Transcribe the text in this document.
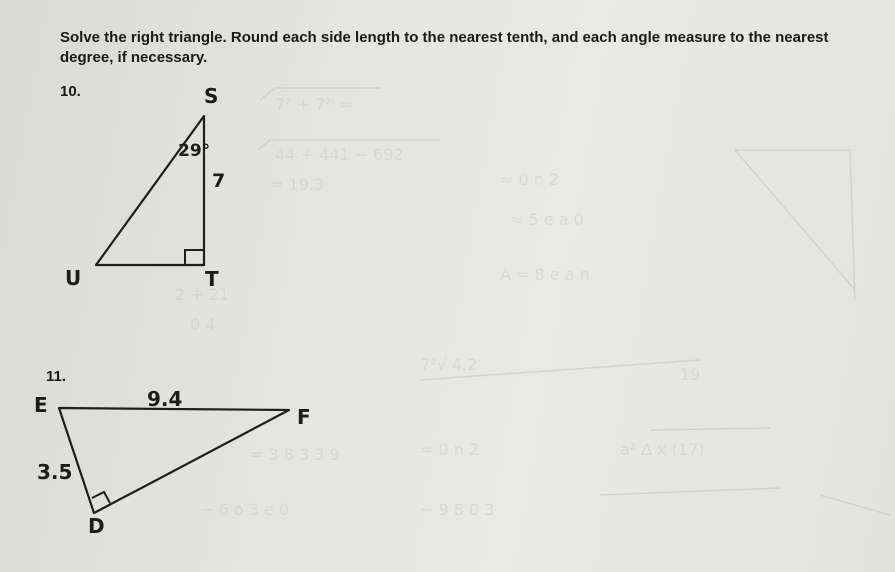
7² + 7²ⁱ =
44 + 441 − 692
= 19.3	≈ 0 n 2
≈ 5 e a 0
A = 8 e a n
2 + 21
0 4
7²√ 4.2
19
= 3 8 3 3 9	≈ 0 n 2
− 9 8 0 3
− 6 o 3 e 0
a² ∆ x (17)
Solve the right triangle. Round each side length to the nearest tenth, and each angle measure to the nearest
degree, if necessary.
10.	S
T
U
29°
7
11.
E	F
D
9.4
3.5
